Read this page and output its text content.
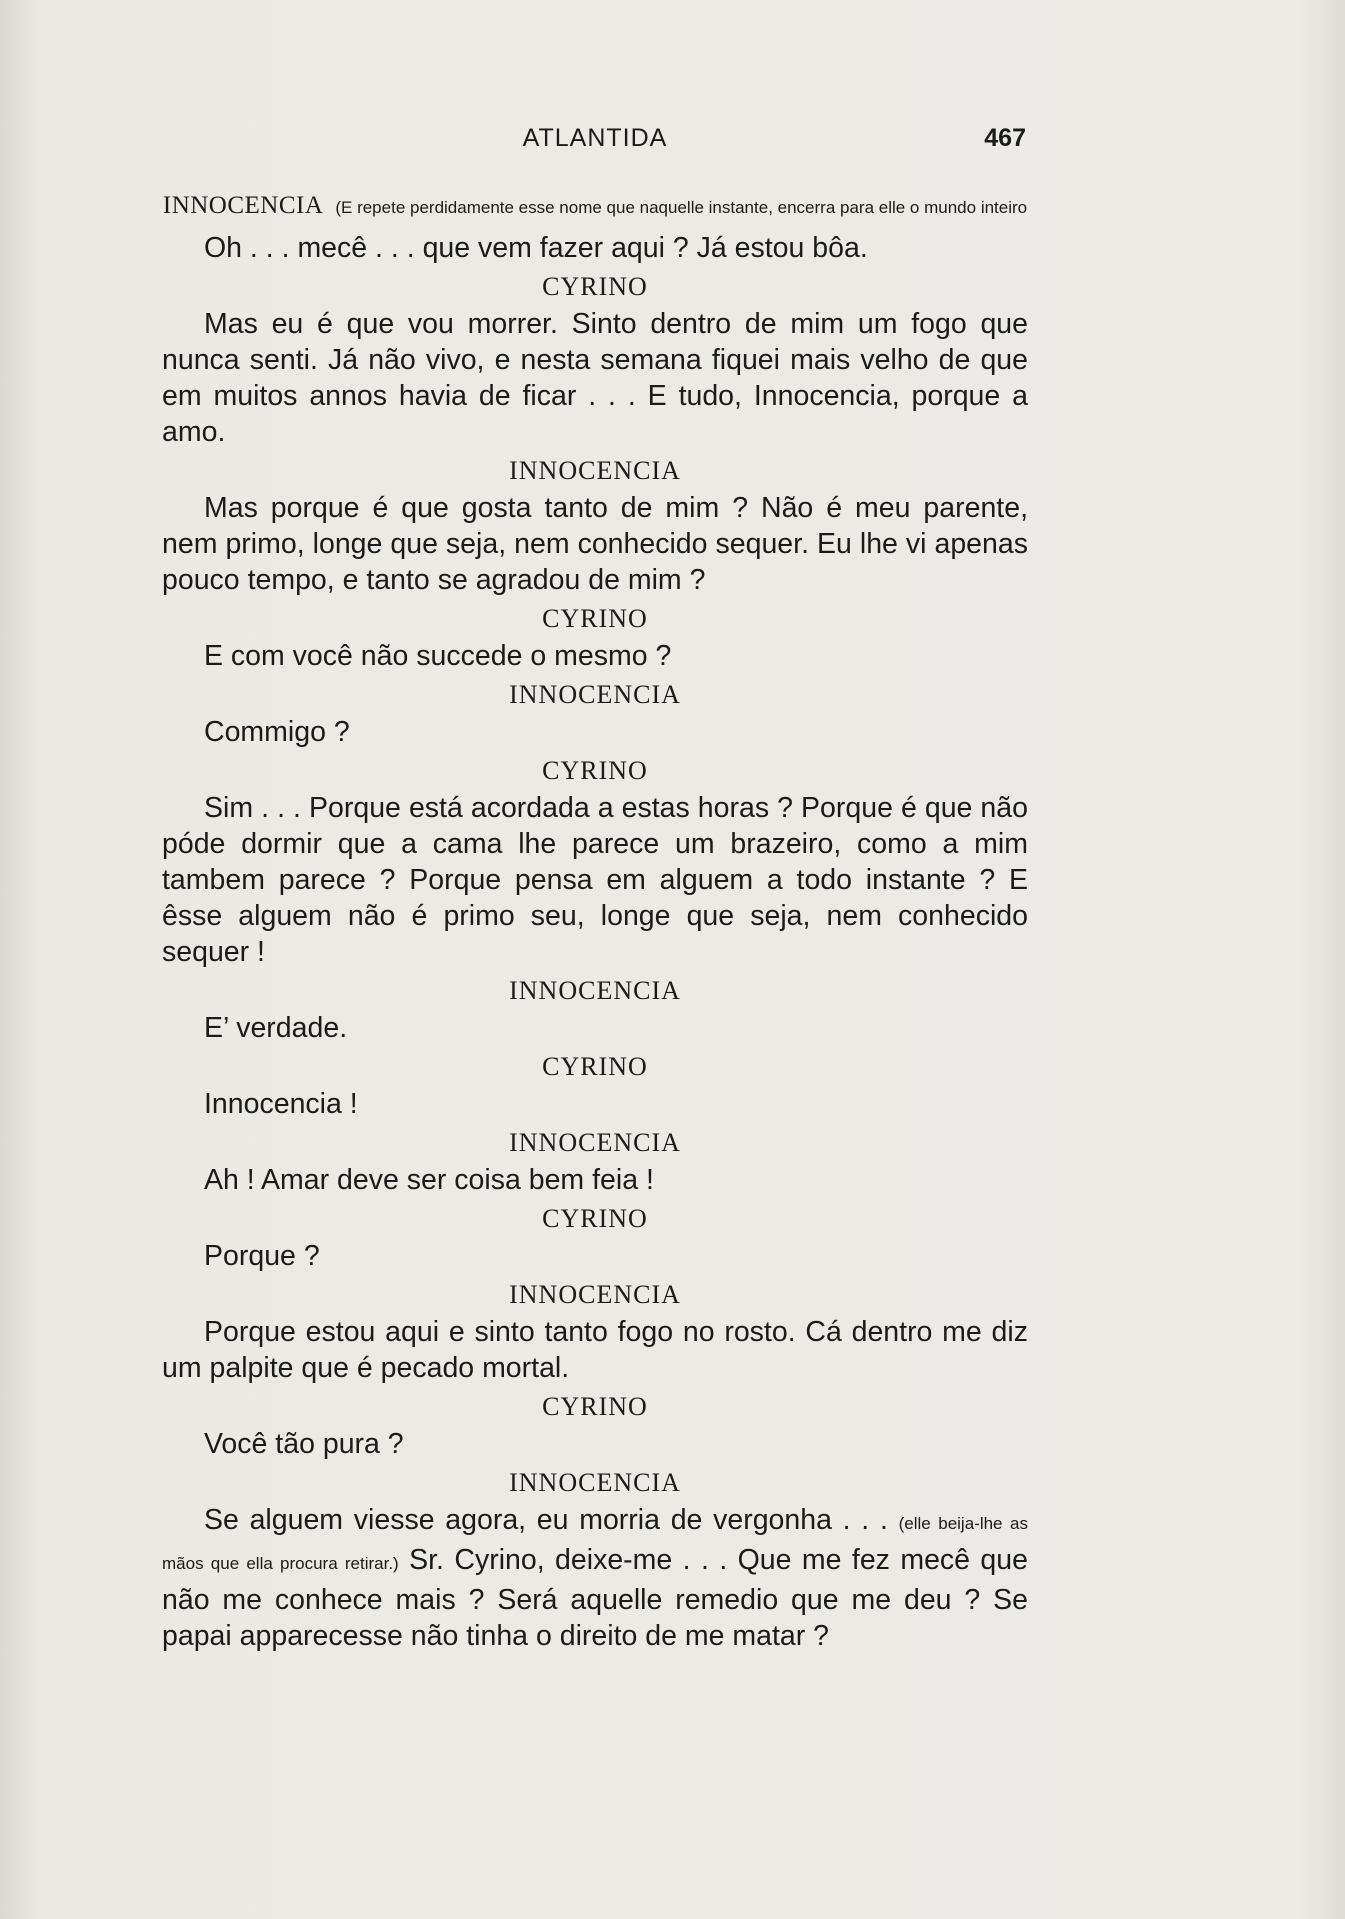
ATLANTIDA	467
INNOCENCIA (E repete perdidamente esse nome que naquelle instante, encerra para elle o mundo inteiro

Oh . . . mecê . . . que vem fazer aqui ? Já estou bôa.

CYRINO

Mas eu é que vou morrer. Sinto dentro de mim um fogo que nunca senti. Já não vivo, e nesta semana fiquei mais velho de que em muitos annos havia de ficar . . . E tudo, Innocencia, porque a amo.

INNOCENCIA

Mas porque é que gosta tanto de mim ? Não é meu parente, nem primo, longe que seja, nem conhecido sequer. Eu lhe vi apenas pouco tempo, e tanto se agradou de mim ?

CYRINO

E com você não succede o mesmo ?

INNOCENCIA

Commigo ?

CYRINO

Sim . . . Porque está acordada a estas horas ? Porque é que não póde dormir que a cama lhe parece um brazeiro, como a mim tambem parece ? Porque pensa em alguem a todo instante ? E êsse alguem não é primo seu, longe que seja, nem conhecido sequer !

INNOCENCIA

E’ verdade.

CYRINO

Innocencia !

INNOCENCIA

Ah ! Amar deve ser coisa bem feia !

CYRINO

Porque ?

INNOCENCIA

Porque estou aqui e sinto tanto fogo no rosto. Cá dentro me diz um palpite que é pecado mortal.

CYRINO

Você tão pura ?

INNOCENCIA

Se alguem viesse agora, eu morria de vergonha . . . (elle beija-lhe as mãos que ella procura retirar.) Sr. Cyrino, deixe-me . . . Que me fez mecê que não me conhece mais ? Será aquelle remedio que me deu ? Se papai apparecesse não tinha o direito de me matar ?
